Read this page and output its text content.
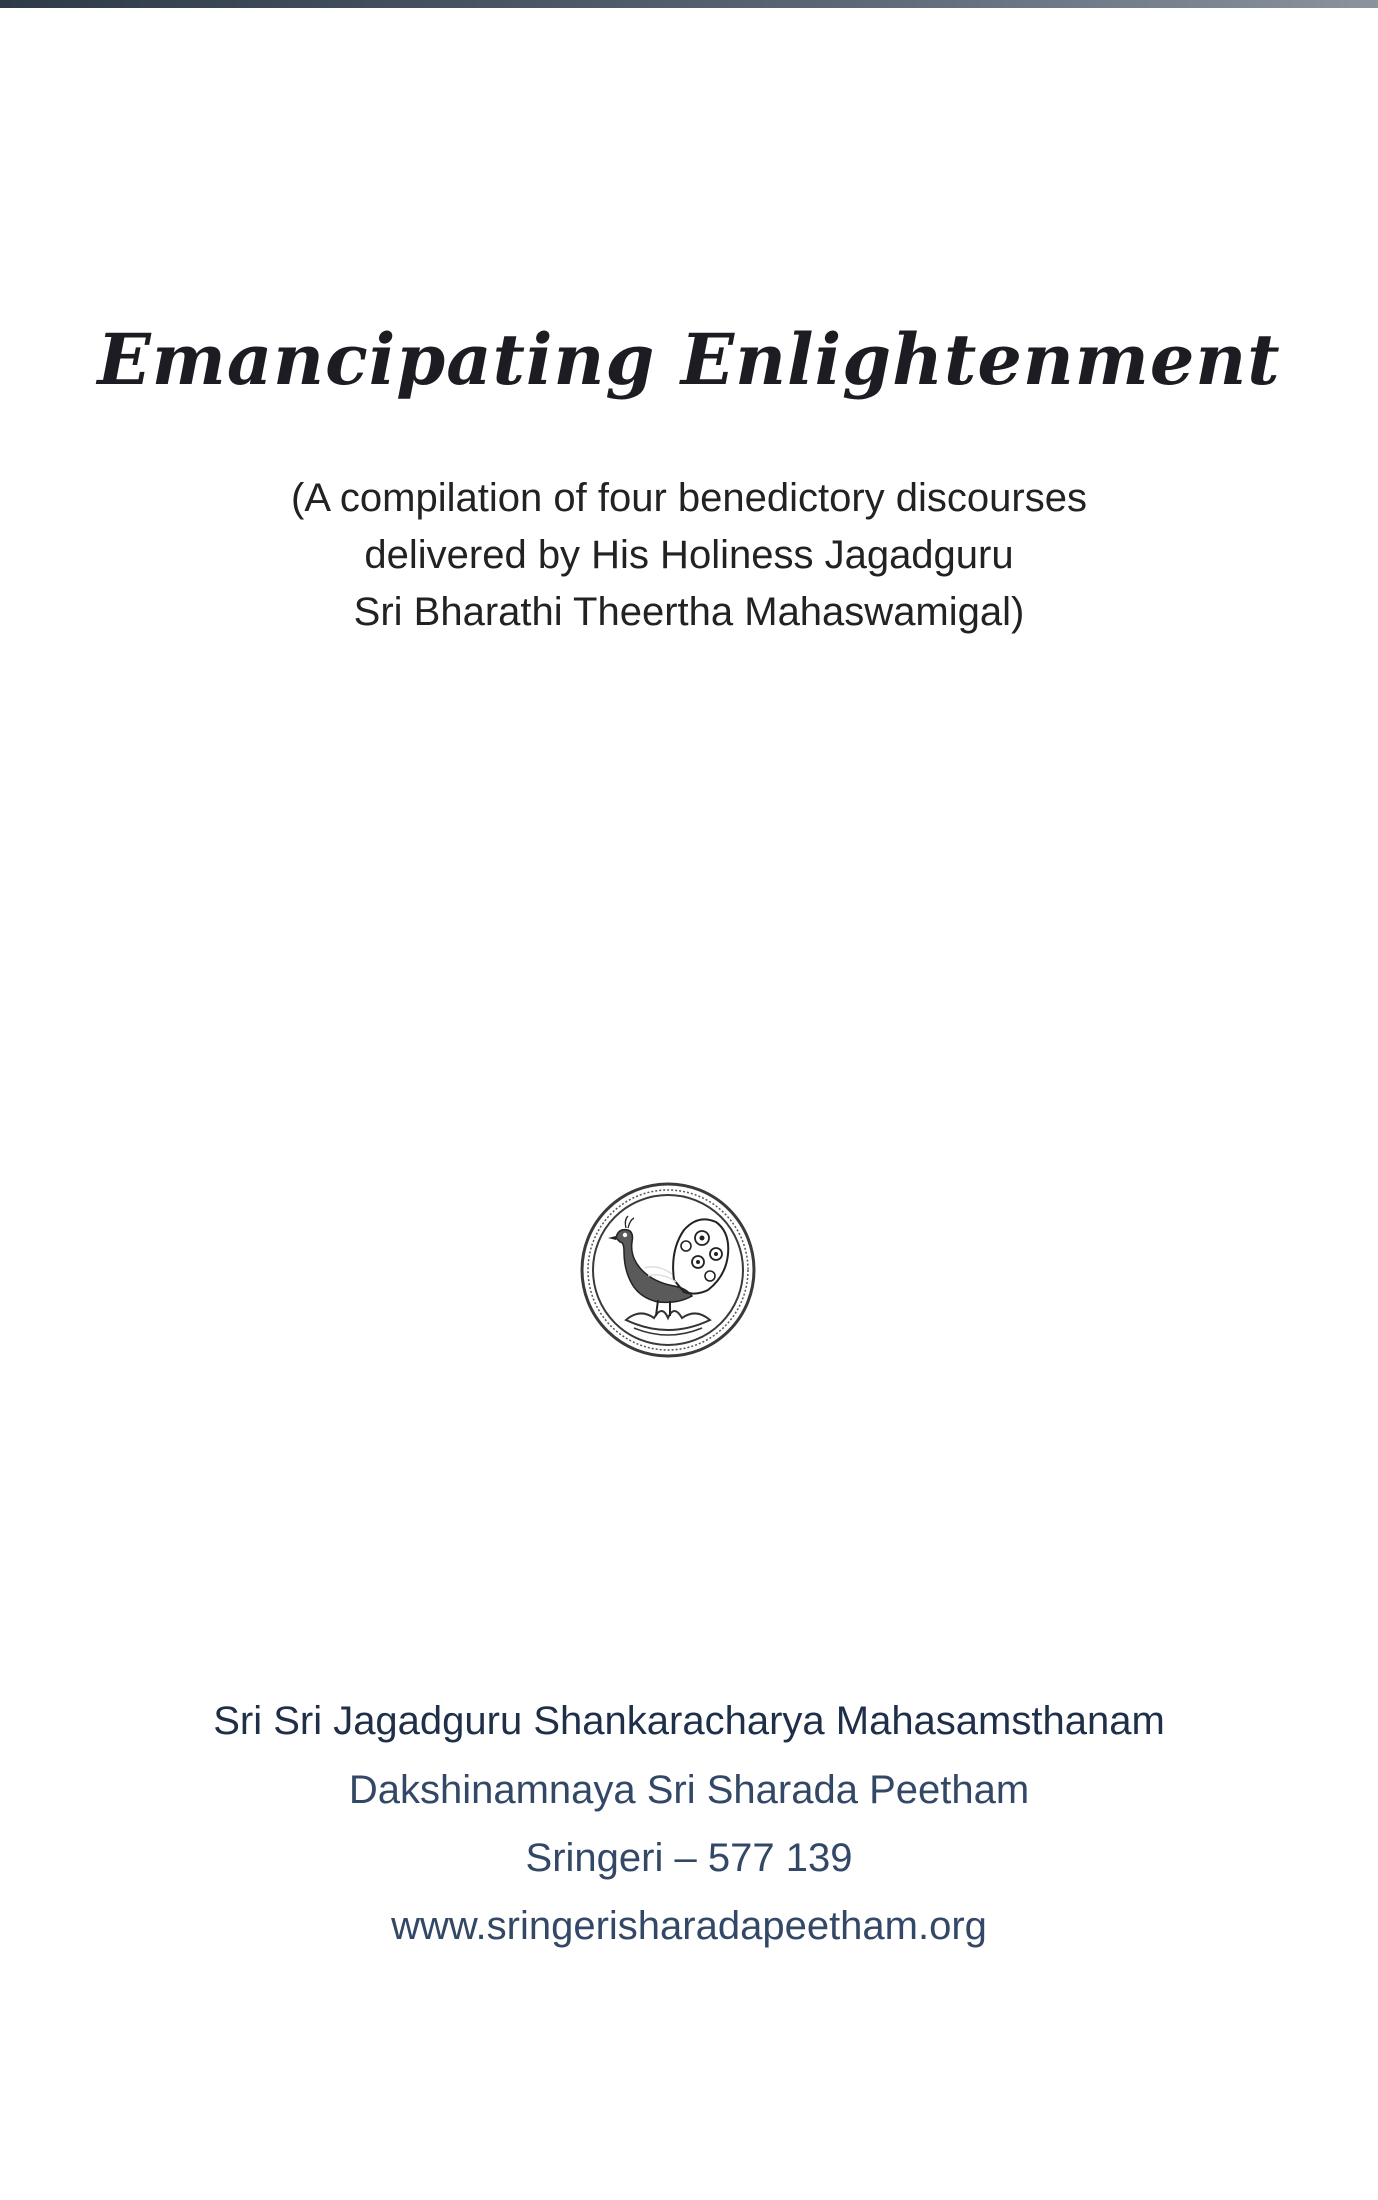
Emancipating Enlightenment
(A compilation of four benedictory discourses
delivered by His Holiness Jagadguru
Sri Bharathi Theertha Mahaswamigal)
Sri Sri Jagadguru Shankaracharya Mahasamsthanam
Dakshinamnaya Sri Sharada Peetham
Sringeri – 577 139
www.sringerisharadapeetham.org
